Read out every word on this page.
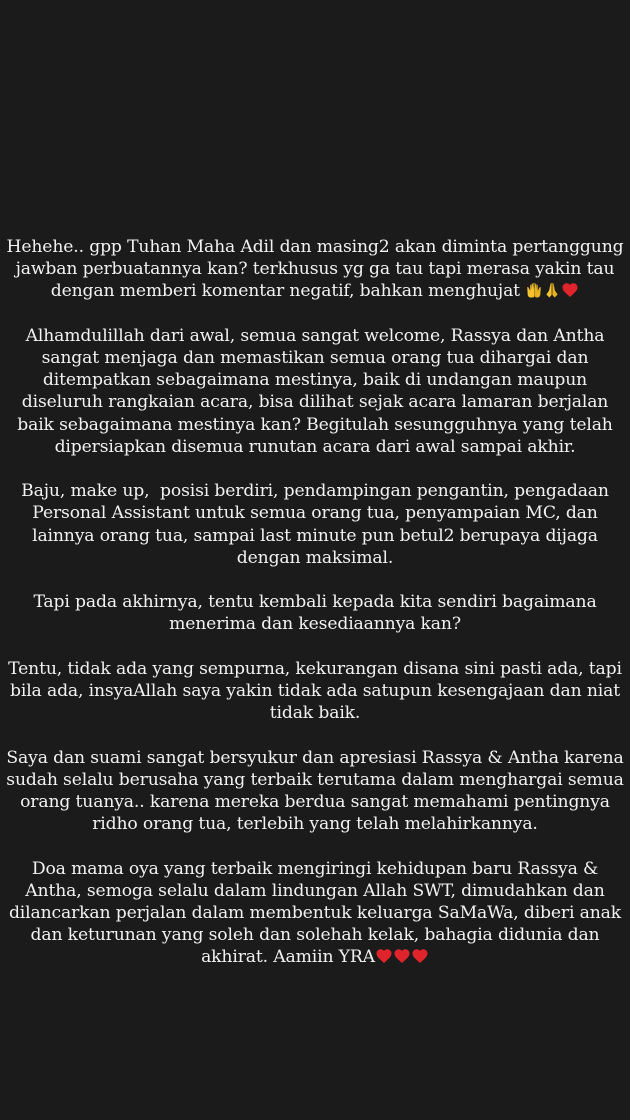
Hehehe.. gpp Tuhan Maha Adil dan masing2 akan diminta pertanggung jawban perbuatannya kan? terkhusus yg ga tau tapi merasa yakin tau dengan memberi komentar negatif, bahkan menghujat

Alhamdulillah dari awal, semua sangat welcome, Rassya dan Antha sangat menjaga dan memastikan semua orang tua dihargai dan ditempatkan sebagaimana mestinya, baik di undangan maupun diseluruh rangkaian acara, bisa dilihat sejak acara lamaran berjalan baik sebagaimana mestinya kan? Begitulah sesungguhnya yang telah dipersiapkan disemua runutan acara dari awal sampai akhir.

Baju, make up,  posisi berdiri, pendampingan pengantin, pengadaan Personal Assistant untuk semua orang tua, penyampaian MC, dan lainnya orang tua, sampai last minute pun betul2 berupaya dijaga dengan maksimal.

Tapi pada akhirnya, tentu kembali kepada kita sendiri bagaimana menerima dan kesediaannya kan?

Tentu, tidak ada yang sempurna, kekurangan disana sini pasti ada, tapi bila ada, insyaAllah saya yakin tidak ada satupun kesengajaan dan niat tidak baik.

Saya dan suami sangat bersyukur dan apresiasi Rassya & Antha karena sudah selalu berusaha yang terbaik terutama dalam menghargai semua orang tuanya.. karena mereka berdua sangat memahami pentingnya ridho orang tua, terlebih yang telah melahirkannya.

Doa mama oya yang terbaik mengiringi kehidupan baru Rassya & Antha, semoga selalu dalam lindungan Allah SWT, dimudahkan dan dilancarkan perjalan dalam membentuk keluarga SaMaWa, diberi anak dan keturunan yang soleh dan solehah kelak, bahagia didunia dan akhirat. Aamiin YRA
